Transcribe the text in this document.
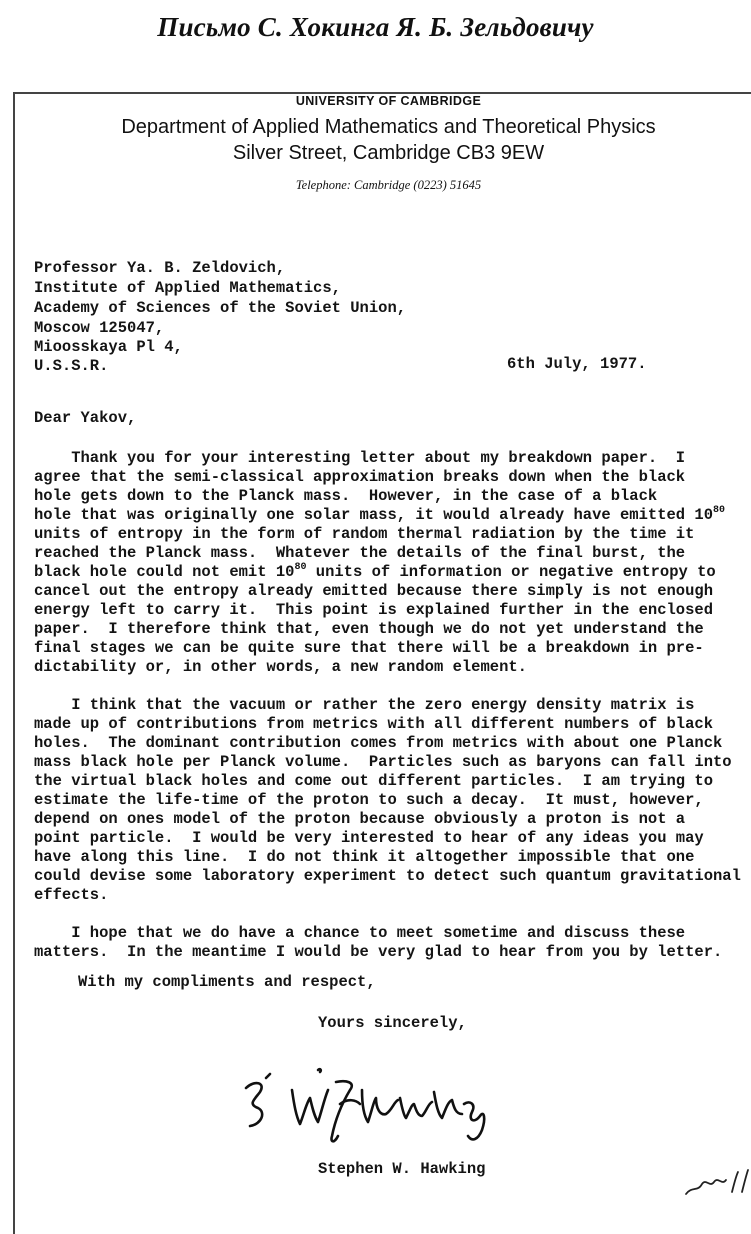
Письмо С. Хокинга Я. Б. Зельдовичу
UNIVERSITY OF CAMBRIDGE
Department of Applied Mathematics and Theoretical Physics
Silver Street, Cambridge CB3 9EW
Telephone: Cambridge (0223) 51645
Professor Ya. B. Zeldovich,
Institute of Applied Mathematics,
Academy of Sciences of the Soviet Union,
Moscow 125047,
Mioosskaya Pl 4,
U.S.S.R.	6th July, 1977.
Dear Yakov,
Thank you for your interesting letter about my breakdown paper.  I
agree that the semi-classical approximation breaks down when the black
hole gets down to the Planck mass.  However, in the case of a black
hole that was originally one solar mass, it would already have emitted $10^{80}$
units of entropy in the form of random thermal radiation by the time it
reached the Planck mass.  Whatever the details of the final burst, the
black hole could not emit $10^{80}$ units of information or negative entropy to
cancel out the entropy already emitted because there simply is not enough
energy left to carry it.  This point is explained further in the enclosed
paper.  I therefore think that, even though we do not yet understand the
final stages we can be quite sure that there will be a breakdown in pre-
dictability or, in other words, a new random element.
I think that the vacuum or rather the zero energy density matrix is
made up of contributions from metrics with all different numbers of black
holes.  The dominant contribution comes from metrics with about one Planck
mass black hole per Planck volume.  Particles such as baryons can fall into
the virtual black holes and come out different particles.  I am trying to
estimate the life-time of the proton to such a decay.  It must, however,
depend on ones model of the proton because obviously a proton is not a
point particle.  I would be very interested to hear of any ideas you may
have along this line.  I do not think it altogether impossible that one
could devise some laboratory experiment to detect such quantum gravitational
effects.
I hope that we do have a chance to meet sometime and discuss these
matters.  In the meantime I would be very glad to hear from you by letter.
With my compliments and respect,
Yours sincerely,
Stephen W. Hawking
